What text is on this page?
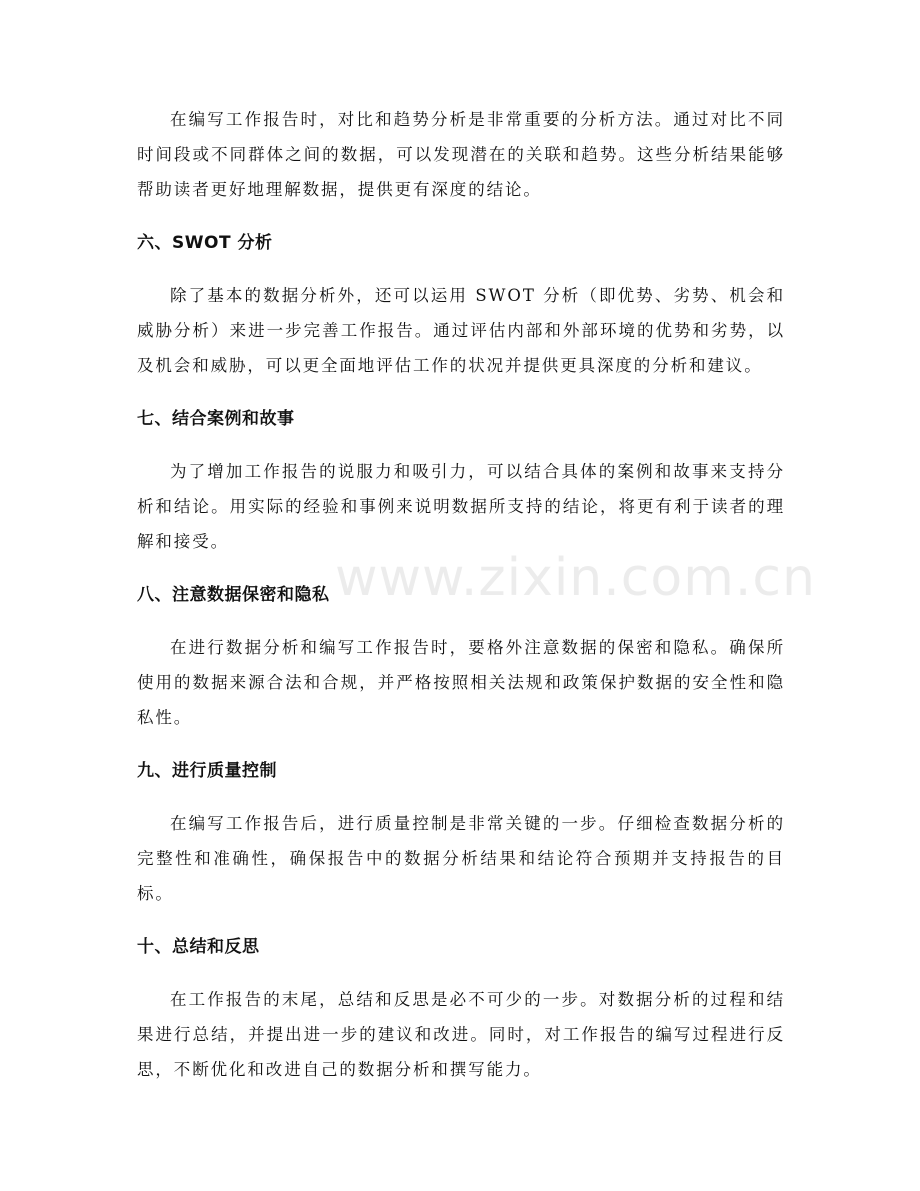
在编写工作报告时，对比和趋势分析是非常重要的分析方法。通过对比不同时间段或不同群体之间的数据，可以发现潜在的关联和趋势。这些分析结果能够帮助读者更好地理解数据，提供更有深度的结论。

六、SWOT 分析

除了基本的数据分析外，还可以运用 SWOT 分析（即优势、劣势、机会和威胁分析）来进一步完善工作报告。通过评估内部和外部环境的优势和劣势，以及机会和威胁，可以更全面地评估工作的状况并提供更具深度的分析和建议。

七、结合案例和故事

为了增加工作报告的说服力和吸引力，可以结合具体的案例和故事来支持分析和结论。用实际的经验和事例来说明数据所支持的结论，将更有利于读者的理解和接受。

八、注意数据保密和隐私

在进行数据分析和编写工作报告时，要格外注意数据的保密和隐私。确保所使用的数据来源合法和合规，并严格按照相关法规和政策保护数据的安全性和隐私性。

九、进行质量控制

在编写工作报告后，进行质量控制是非常关键的一步。仔细检查数据分析的完整性和准确性，确保报告中的数据分析结果和结论符合预期并支持报告的目标。

十、总结和反思

在工作报告的末尾，总结和反思是必不可少的一步。对数据分析的过程和结果进行总结，并提出进一步的建议和改进。同时，对工作报告的编写过程进行反思，不断优化和改进自己的数据分析和撰写能力。

www.zixin.com.cn
